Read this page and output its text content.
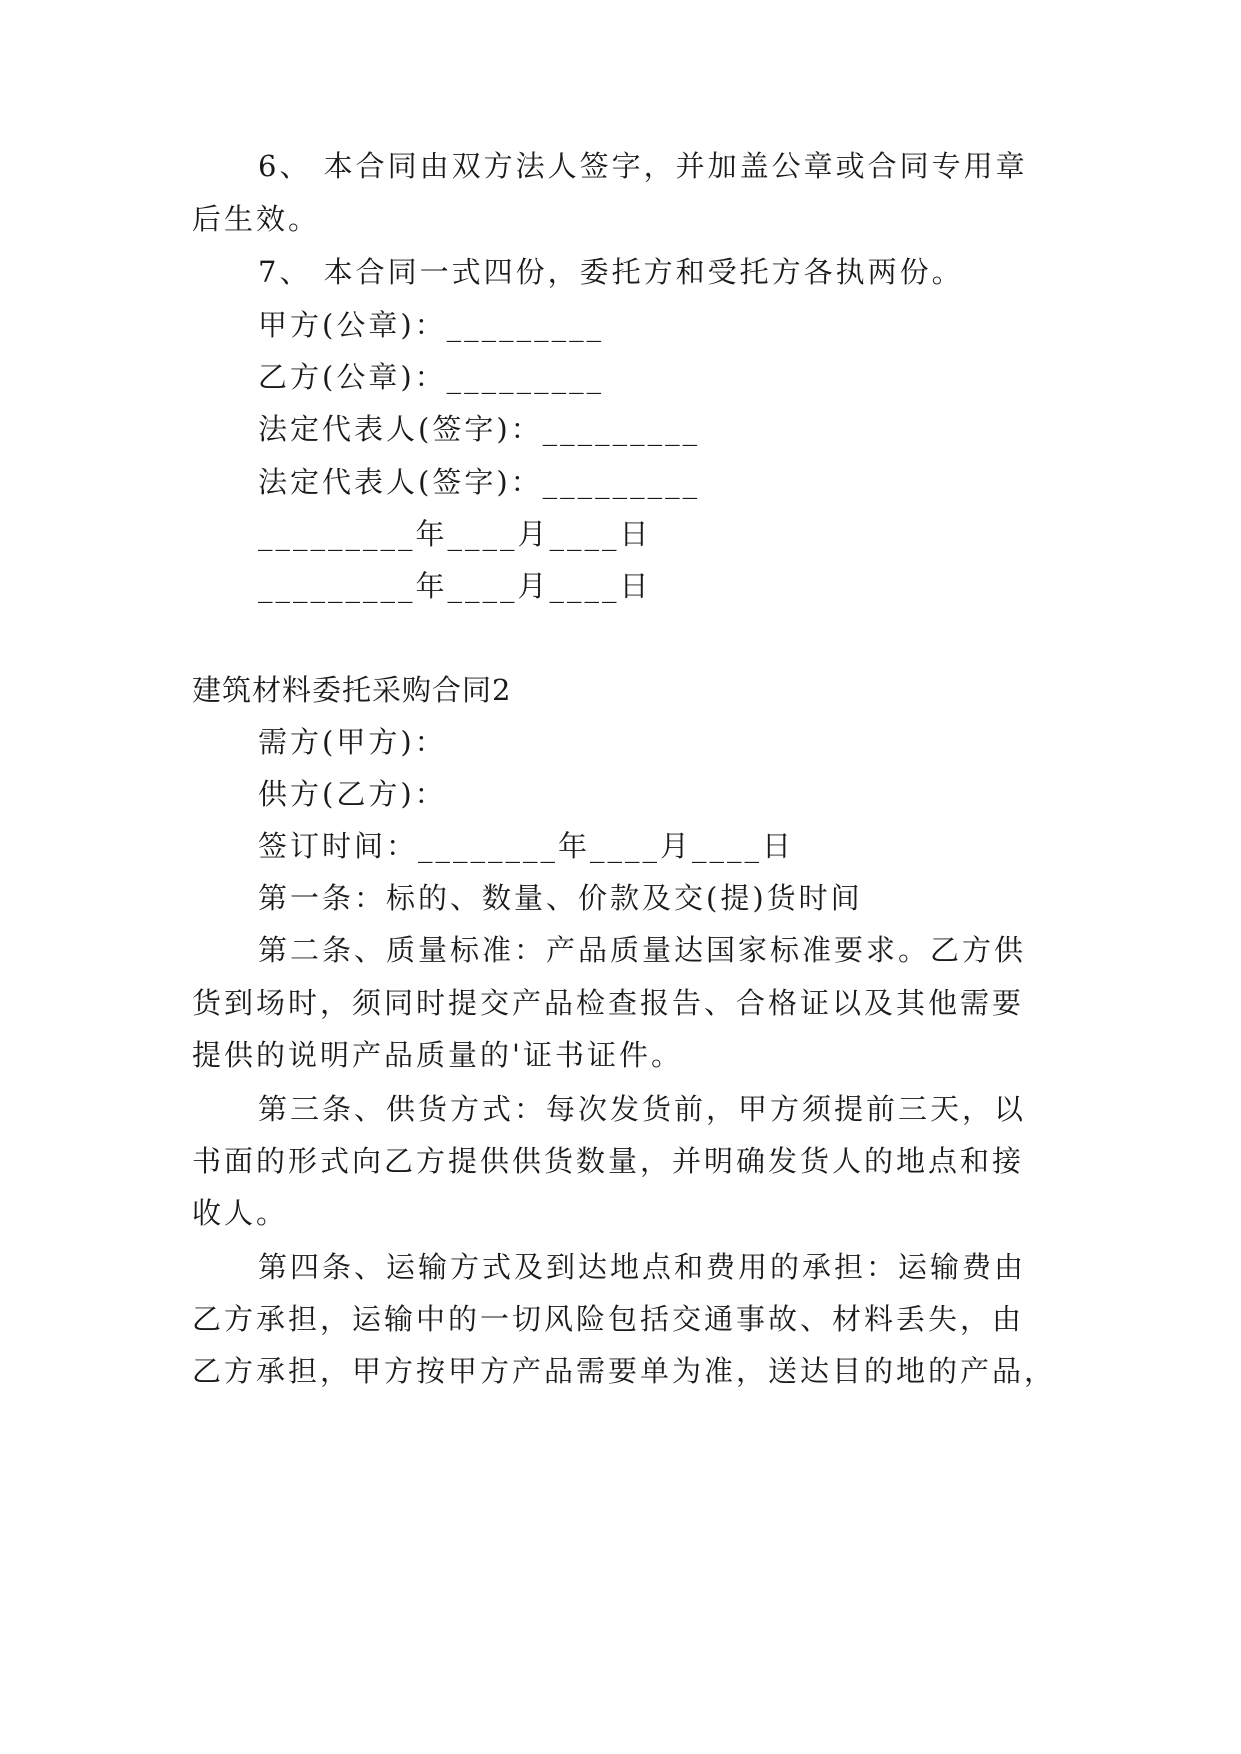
6、 本合同由双方法人签字，并加盖公章或合同专用章
后生效。
7、 本合同一式四份，委托方和受托方各执两份。
甲方(公章)：_________
乙方(公章)：_________
法定代表人(签字)：_________
法定代表人(签字)：_________
_________年____月____日
_________年____月____日
建筑材料委托采购合同2
需方(甲方)：
供方(乙方)：
签订时间：________年____月____日
第一条：标的、数量、价款及交(提)货时间
第二条、质量标准：产品质量达国家标准要求。乙方供
货到场时，须同时提交产品检查报告、合格证以及其他需要
提供的说明产品质量的'证书证件。
第三条、供货方式：每次发货前，甲方须提前三天，以
书面的形式向乙方提供供货数量，并明确发货人的地点和接
收人。
第四条、运输方式及到达地点和费用的承担：运输费由
乙方承担，运输中的一切风险包括交通事故、材料丢失，由
乙方承担，甲方按甲方产品需要单为准，送达目的地的产品，
